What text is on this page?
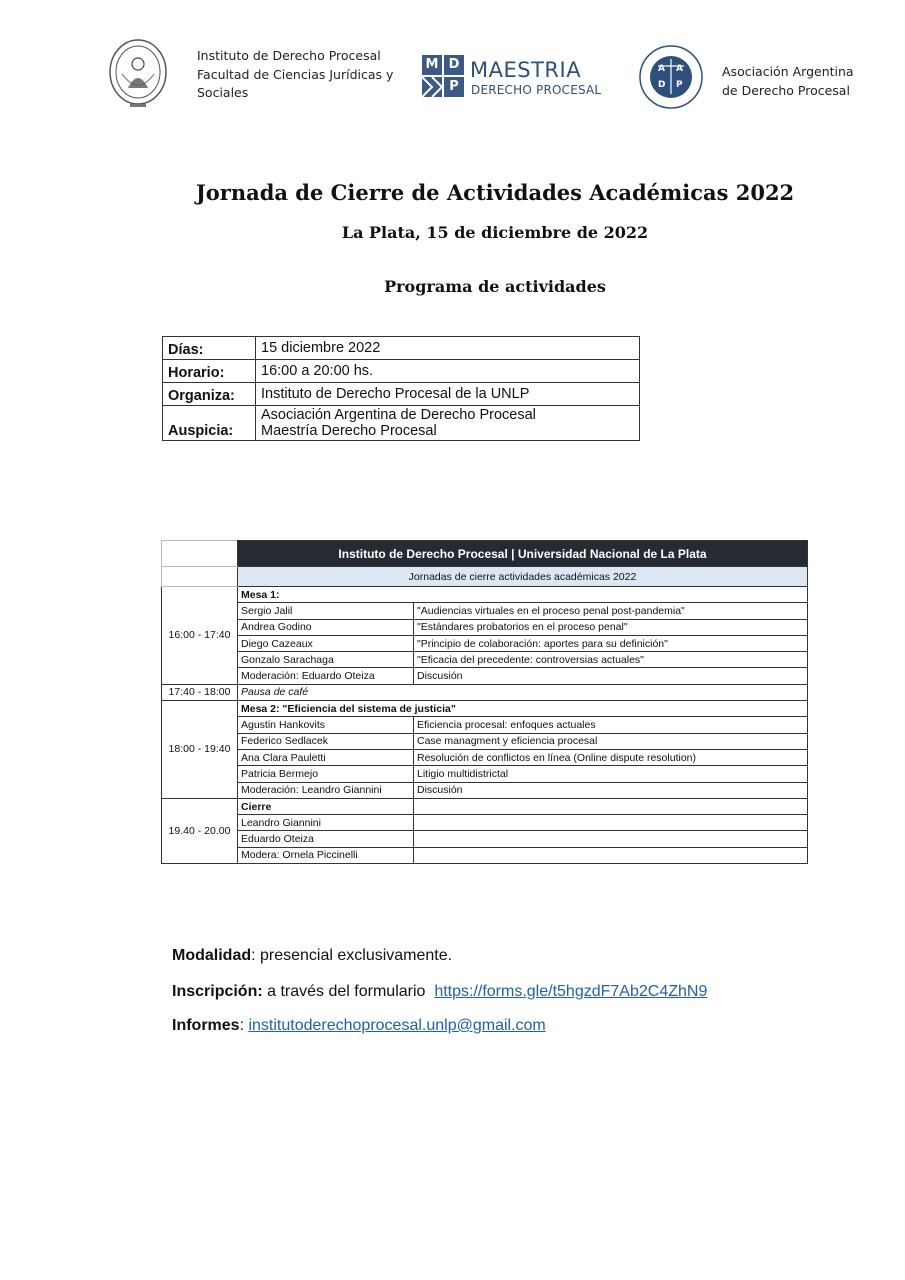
Instituto de Derecho Procesal
Facultad de Ciencias Jurídicas y
Sociales
M D
P
MAESTRIA
DERECHO PROCESAL
A A
D P
Asociación Argentina
de Derecho Procesal
Jornada de Cierre de Actividades Académicas 2022
La Plata, 15 de diciembre de 2022
Programa de actividades
Días:	15 diciembre 2022
Horario:	16:00 a 20:00 hs.
Organiza:	Instituto de Derecho Procesal de la UNLP
Auspicia:	Asociación Argentina de Derecho Procesal
Maestría Derecho Procesal
	Instituto de Derecho Procesal | Universidad Nacional de La Plata	
	Jornadas de cierre actividades académicas 2022	
16:00 - 17:40	Mesa 1:	
	Sergio Jalil	"Audiencias virtuales en el proceso penal post-pandemia"
	Andrea Godino	"Estándares probatorios en el proceso penal"
	Diego Cazeaux	"Principio de colaboración: aportes para su definición"
	Gonzalo Sarachaga	"Eficacia del precedente: controversias actuales"
	Moderación: Eduardo Oteiza	Discusión
17:40 - 18:00	Pausa de café	
18:00 - 19:40	Mesa 2: "Eficiencia del sistema de justicia"	
	Agustin Hankovits	Eficiencia procesal: enfoques actuales
	Federico Sedlacek	Case managment y eficiencia procesal
	Ana Clara Pauletti	Resolución de conflictos en línea (Online dispute resolution)
	Patricia Bermejo	Litigio multidistrictal
	Moderación: Leandro Giannini	Discusión
19.40 - 20.00	Cierre	
	Leandro Giannini	
	Eduardo Oteiza	
	Modera: Ornela Piccinelli	
Modalidad: presencial exclusivamente.
Inscripción: a través del formulario  https://forms.gle/t5hgzdF7Ab2C4ZhN9
Informes: institutoderechoprocesal.unlp@gmail.com
